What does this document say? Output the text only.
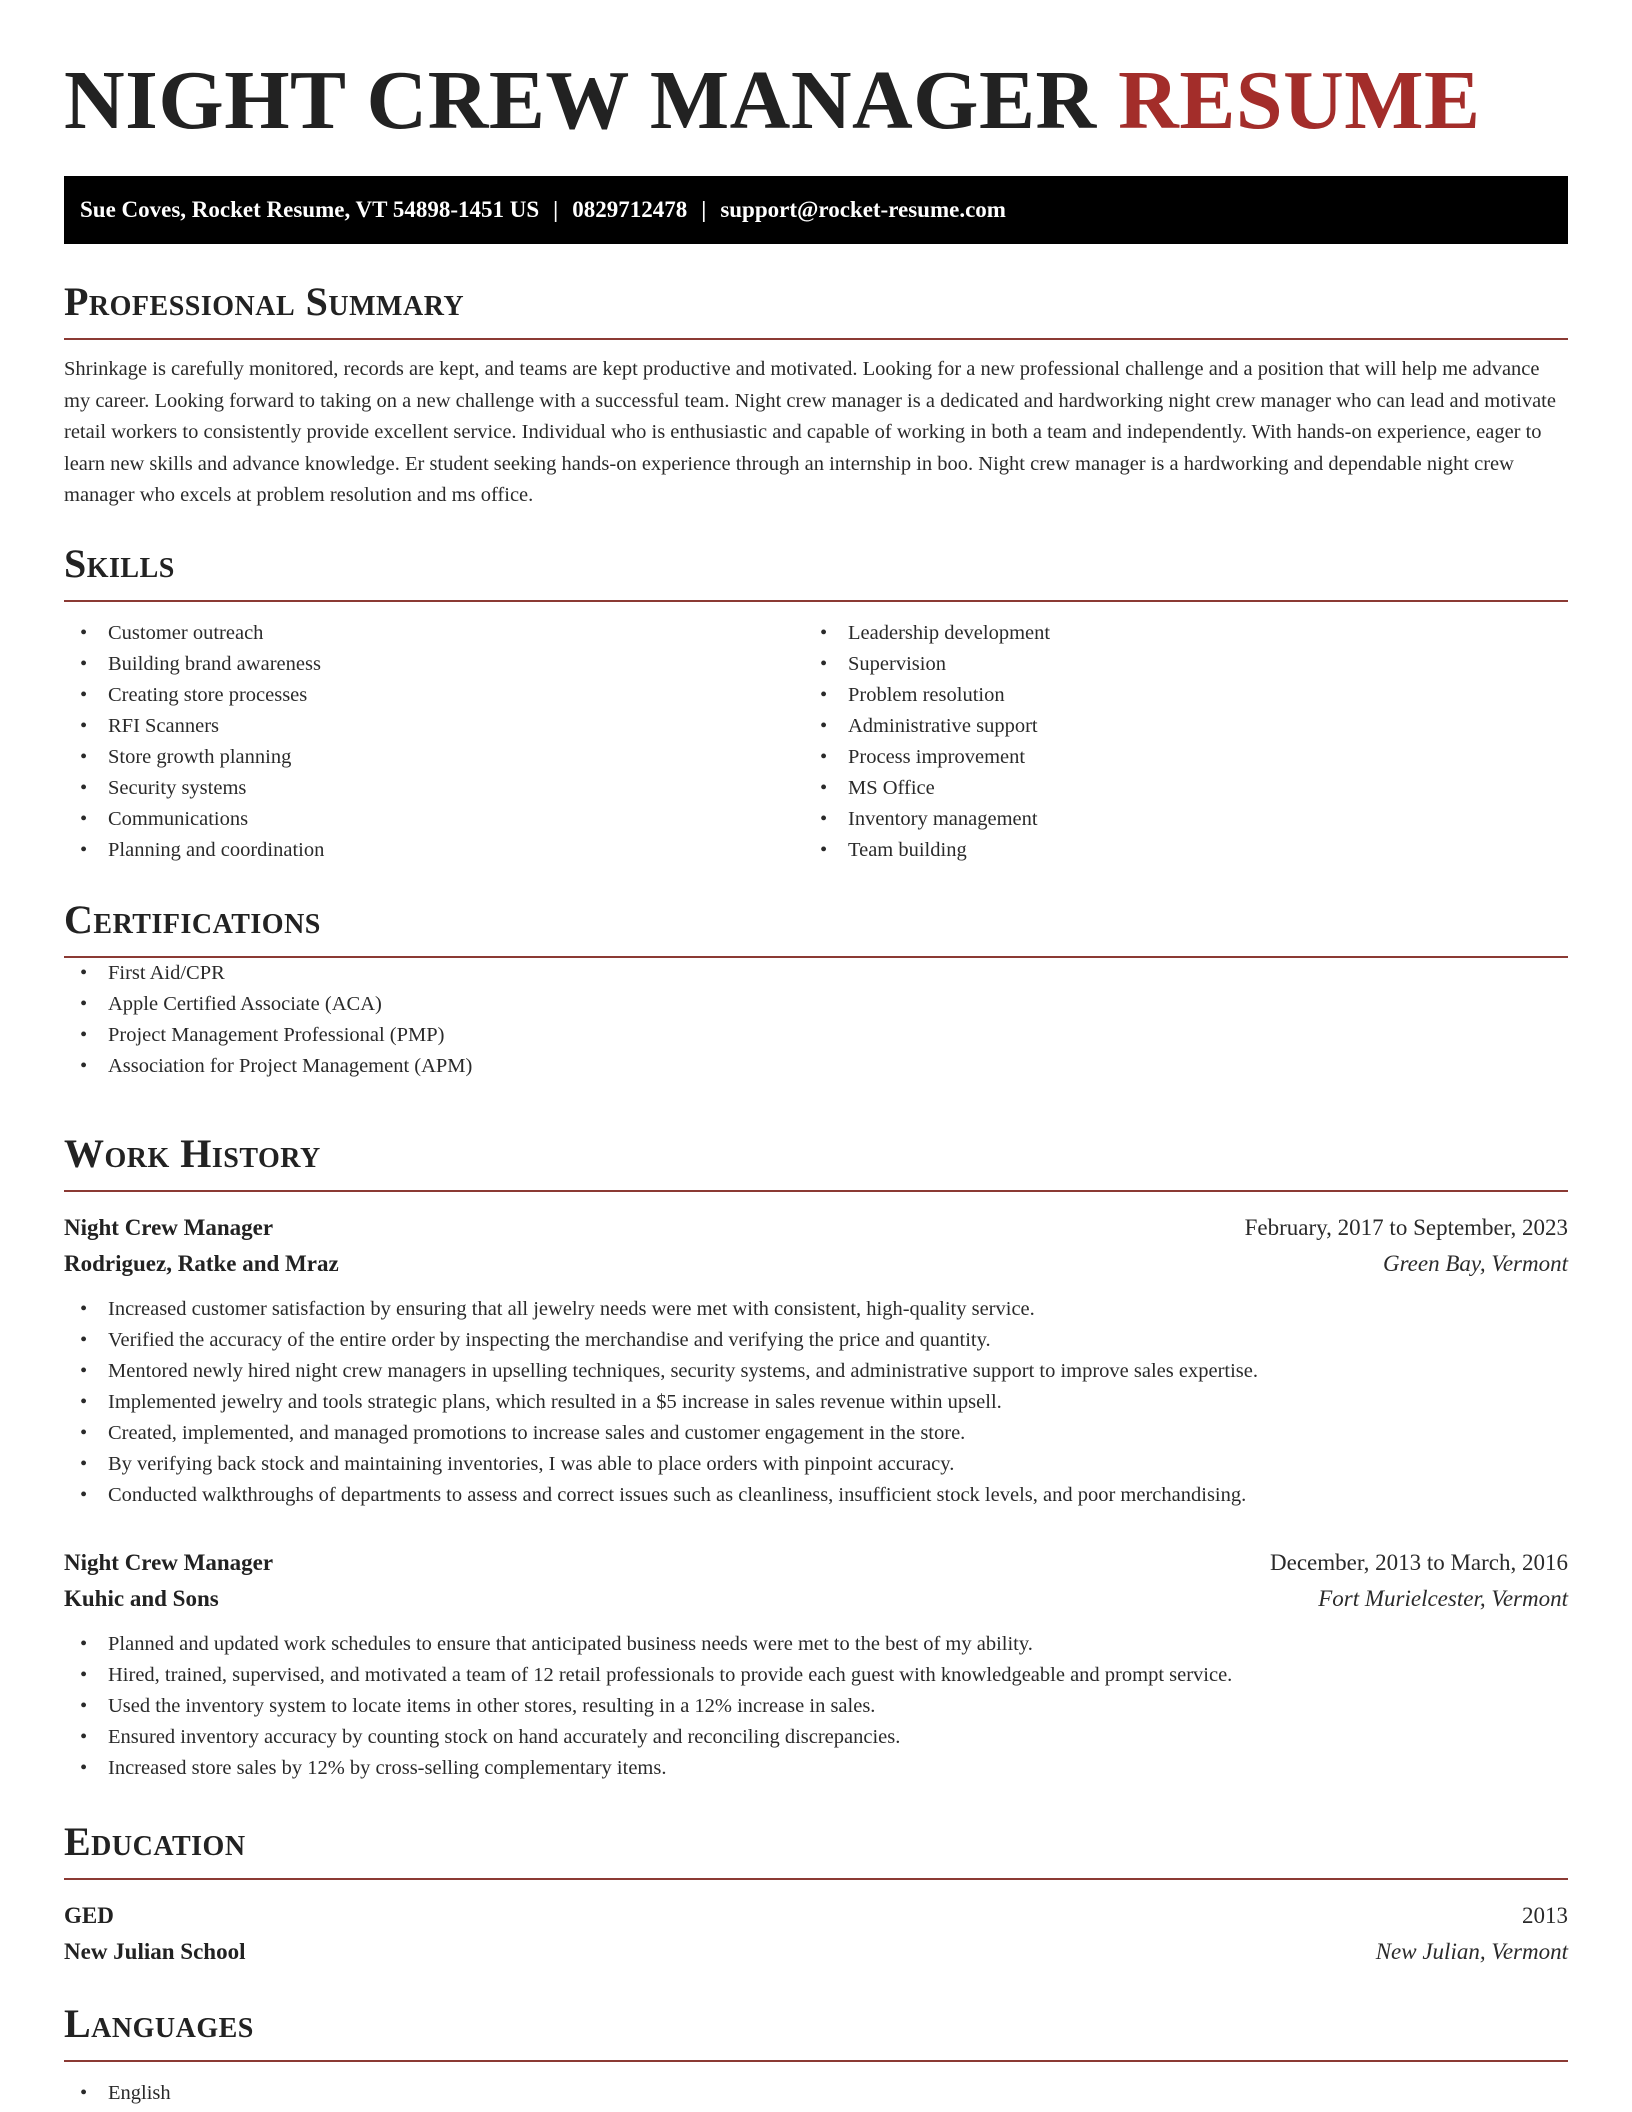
NIGHT CREW MANAGER RESUME
Sue Coves, Rocket Resume, VT 54898-1451 US | 0829712478 | support@rocket-resume.com
Professional Summary

Shrinkage is carefully monitored, records are kept, and teams are kept productive and motivated. Looking for a new professional challenge and a position that will help me advance my career. Looking forward to taking on a new challenge with a successful team. Night crew manager is a dedicated and hardworking night crew manager who can lead and motivate retail workers to consistently provide excellent service. Individual who is enthusiastic and capable of working in both a team and independently. With hands-on experience, eager to learn new skills and advance knowledge. Er student seeking hands-on experience through an internship in boo. Night crew manager is a hardworking and dependable night crew manager who excels at problem resolution and ms office.

Skills
• Customer outreach
• Building brand awareness
• Creating store processes
• RFI Scanners
• Store growth planning
• Security systems
• Communications
• Planning and coordination
• Leadership development
• Supervision
• Problem resolution
• Administrative support
• Process improvement
• MS Office
• Inventory management
• Team building
Certifications
• First Aid/CPR
• Apple Certified Associate (ACA)
• Project Management Professional (PMP)
• Association for Project Management (APM)
Work History
Night Crew Manager	February, 2017 to September, 2023
Rodriguez, Ratke and Mraz	Green Bay, Vermont
• Increased customer satisfaction by ensuring that all jewelry needs were met with consistent, high-quality service.
• Verified the accuracy of the entire order by inspecting the merchandise and verifying the price and quantity.
• Mentored newly hired night crew managers in upselling techniques, security systems, and administrative support to improve sales expertise.
• Implemented jewelry and tools strategic plans, which resulted in a $5 increase in sales revenue within upsell.
• Created, implemented, and managed promotions to increase sales and customer engagement in the store.
• By verifying back stock and maintaining inventories, I was able to place orders with pinpoint accuracy.
• Conducted walkthroughs of departments to assess and correct issues such as cleanliness, insufficient stock levels, and poor merchandising.
Night Crew Manager	December, 2013 to March, 2016
Kuhic and Sons	Fort Murielcester, Vermont
• Planned and updated work schedules to ensure that anticipated business needs were met to the best of my ability.
• Hired, trained, supervised, and motivated a team of 12 retail professionals to provide each guest with knowledgeable and prompt service.
• Used the inventory system to locate items in other stores, resulting in a 12% increase in sales.
• Ensured inventory accuracy by counting stock on hand accurately and reconciling discrepancies.
• Increased store sales by 12% by cross-selling complementary items.
Education
GED	2013
New Julian School	New Julian, Vermont
Languages
• English
